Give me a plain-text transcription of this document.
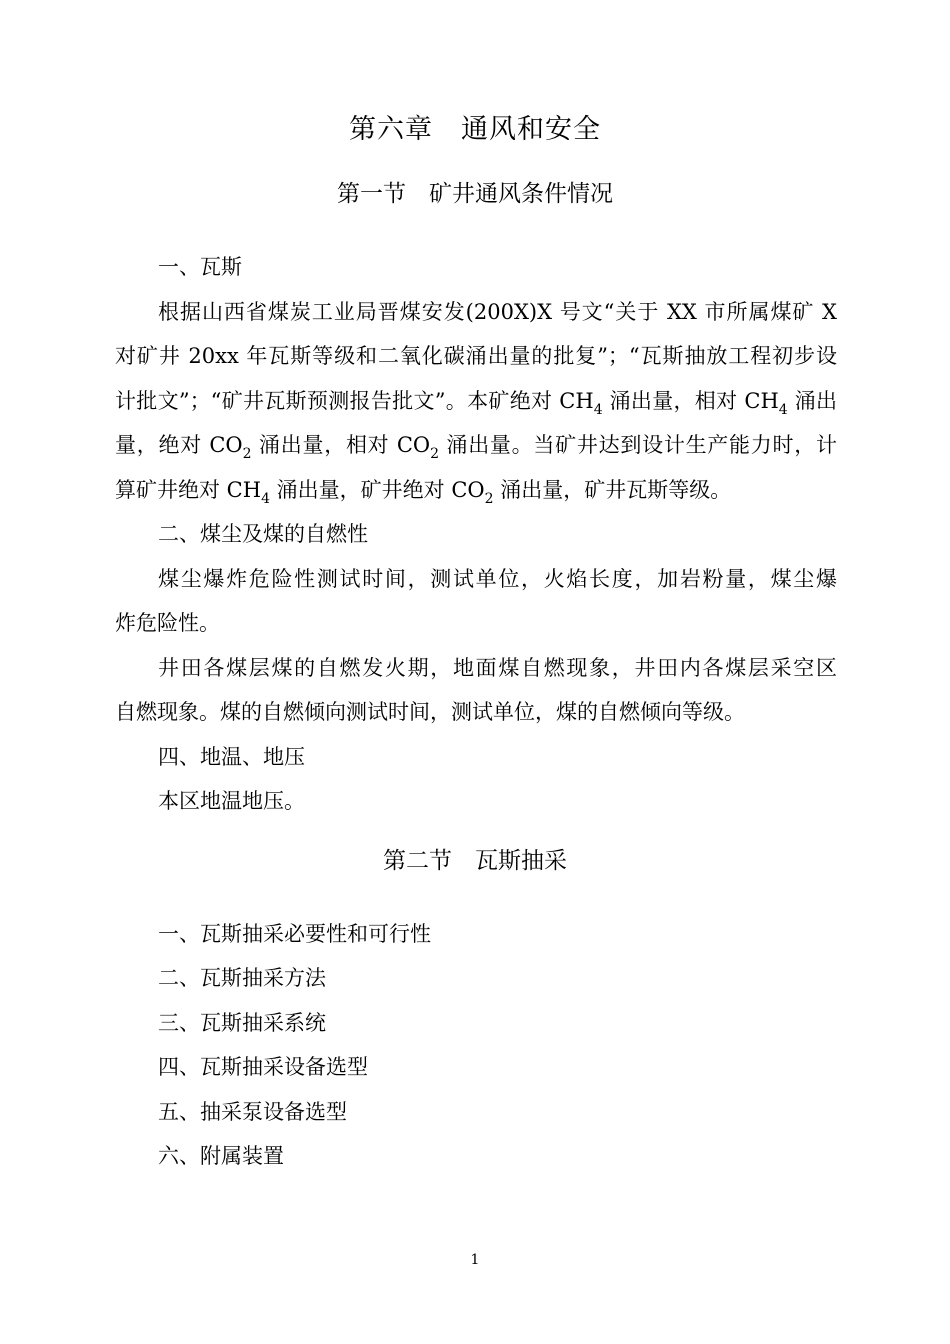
第六章　通风和安全
第一节　矿井通风条件情况
一、瓦斯
根据山西省煤炭工业局晋煤安发(200X)X 号文“关于 XX 市所属煤矿 X
对矿井 20xx 年瓦斯等级和二氧化碳涌出量的批复”；“瓦斯抽放工程初步设
计批文”；“矿井瓦斯预测报告批文”。本矿绝对 $CH_4$ 涌出量，相对 $CH_4$ 涌出
量，绝对 $CO_2$ 涌出量，相对 $CO_2$ 涌出量。当矿井达到设计生产能力时，计
算矿井绝对 $CH_4$ 涌出量，矿井绝对 $CO_2$ 涌出量，矿井瓦斯等级。
二、煤尘及煤的自燃性
煤尘爆炸危险性测试时间，测试单位，火焰长度，加岩粉量，煤尘爆
炸危险性。
井田各煤层煤的自燃发火期，地面煤自燃现象，井田内各煤层采空区
自燃现象。煤的自燃倾向测试时间，测试单位，煤的自燃倾向等级。
四、地温、地压
本区地温地压。
第二节　瓦斯抽采
一、瓦斯抽采必要性和可行性
二、瓦斯抽采方法
三、瓦斯抽采系统
四、瓦斯抽采设备选型
五、抽采泵设备选型
六、附属装置
1
